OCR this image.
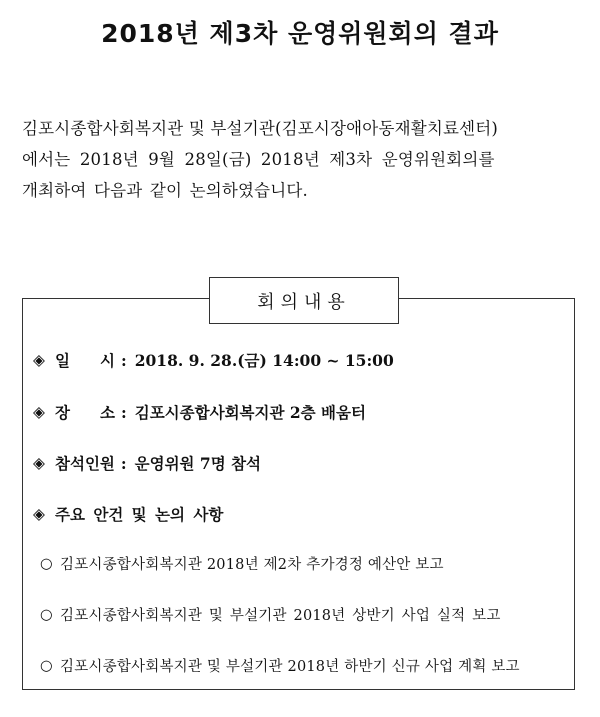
2018년 제3차 운영위원회의 결과
김포시종합사회복지관 및 부설기관(김포시장애아동재활치료센터)
에서는 2018년 9월 28일(금) 2018년 제3차 운영위원회의를
개최하여 다음과 같이 논의하였습니다.
회의내용
◈ 일 시 : 2018. 9. 28.(금) 14:00 ~ 15:00
◈ 장 소 : 김포시종합사회복지관 2층 배움터
◈ 참석인원 : 운영위원 7명 참석
◈ 주요 안건 및 논의 사항
○ 김포시종합사회복지관 2018년 제2차 추가경정 예산안 보고
○ 김포시종합사회복지관 및 부설기관 2018년 상반기 사업 실적 보고
○ 김포시종합사회복지관 및 부설기관 2018년 하반기 신규 사업 계획 보고
